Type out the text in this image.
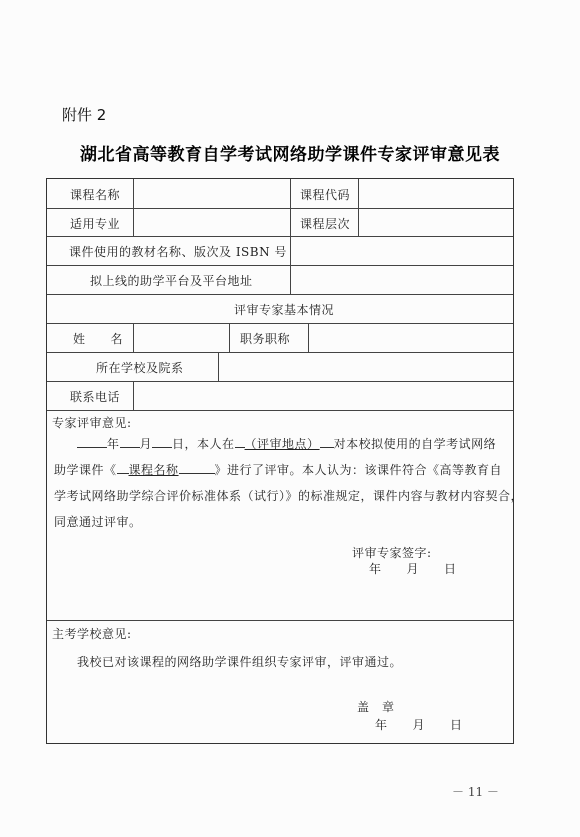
附件 2
湖北省高等教育自学考试网络助学课件专家评审意见表
课程名称	课程代码
适用专业	课程层次
课件使用的教材名称、版次及 ISBN 号
拟上线的助学平台及平台地址
评审专家基本情况
姓　　名	职务职称
所在学校及院系
联系电话
专家评审意见:
年 月 日，本人在 （评审地点） 对本校拟使用的自学考试网络
助学课件《 课程名称	》进行了评审。本人认为：该课件符合《高等教育自
学考试网络助学综合评价标准体系（试行）》的标准规定，课件内容与教材内容契合，
同意通过评审。
评审专家签字:
年　　月　　日
主考学校意见:
我校已对该课程的网络助学课件组织专家评审，评审通过。
盖　章
年　　月　　日
－ 11 －
